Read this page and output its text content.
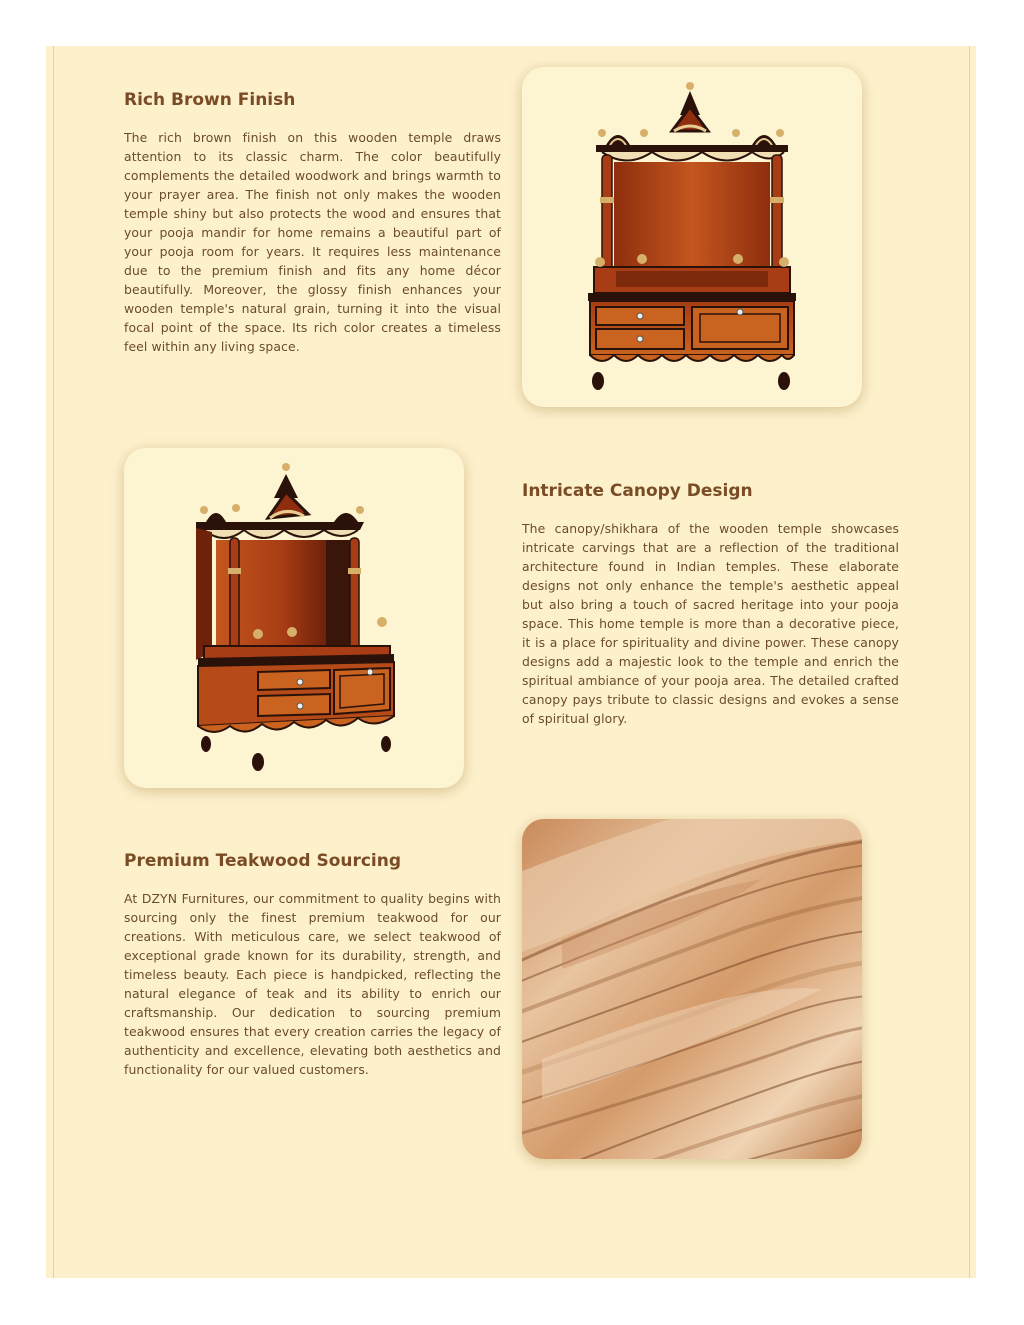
Rich Brown Finish

The rich brown finish on this wooden temple draws attention to its classic charm. The color beautifully complements the detailed woodwork and brings warmth to your prayer area. The finish not only makes the wooden temple shiny but also protects the wood and ensures that your pooja mandir for home remains a beautiful part of your pooja room for years. It requires less maintenance due to the premium finish and fits any home décor beautifully. Moreover, the glossy finish enhances your wooden temple's natural grain, turning it into the visual focal point of the space. Its rich color creates a timeless feel within any living space.

Intricate Canopy Design

The canopy/shikhara of the wooden temple showcases intricate carvings that are a reflection of the traditional architecture found in Indian temples. These elaborate designs not only enhance the temple's aesthetic appeal but also bring a touch of sacred heritage into your pooja space. This home temple is more than a decorative piece, it is a place for spirituality and divine power. These canopy designs add a majestic look to the temple and enrich the spiritual ambiance of your pooja area. The detailed crafted canopy pays tribute to classic designs and evokes a sense of spiritual glory.

Premium Teakwood Sourcing

At DZYN Furnitures, our commitment to quality begins with sourcing only the finest premium teakwood for our creations. With meticulous care, we select teakwood of exceptional grade known for its durability, strength, and timeless beauty. Each piece is handpicked, reflecting the natural elegance of teak and its ability to enrich our craftsmanship. Our dedication to sourcing premium teakwood ensures that every creation carries the legacy of authenticity and excellence, elevating both aesthetics and functionality for our valued customers.
